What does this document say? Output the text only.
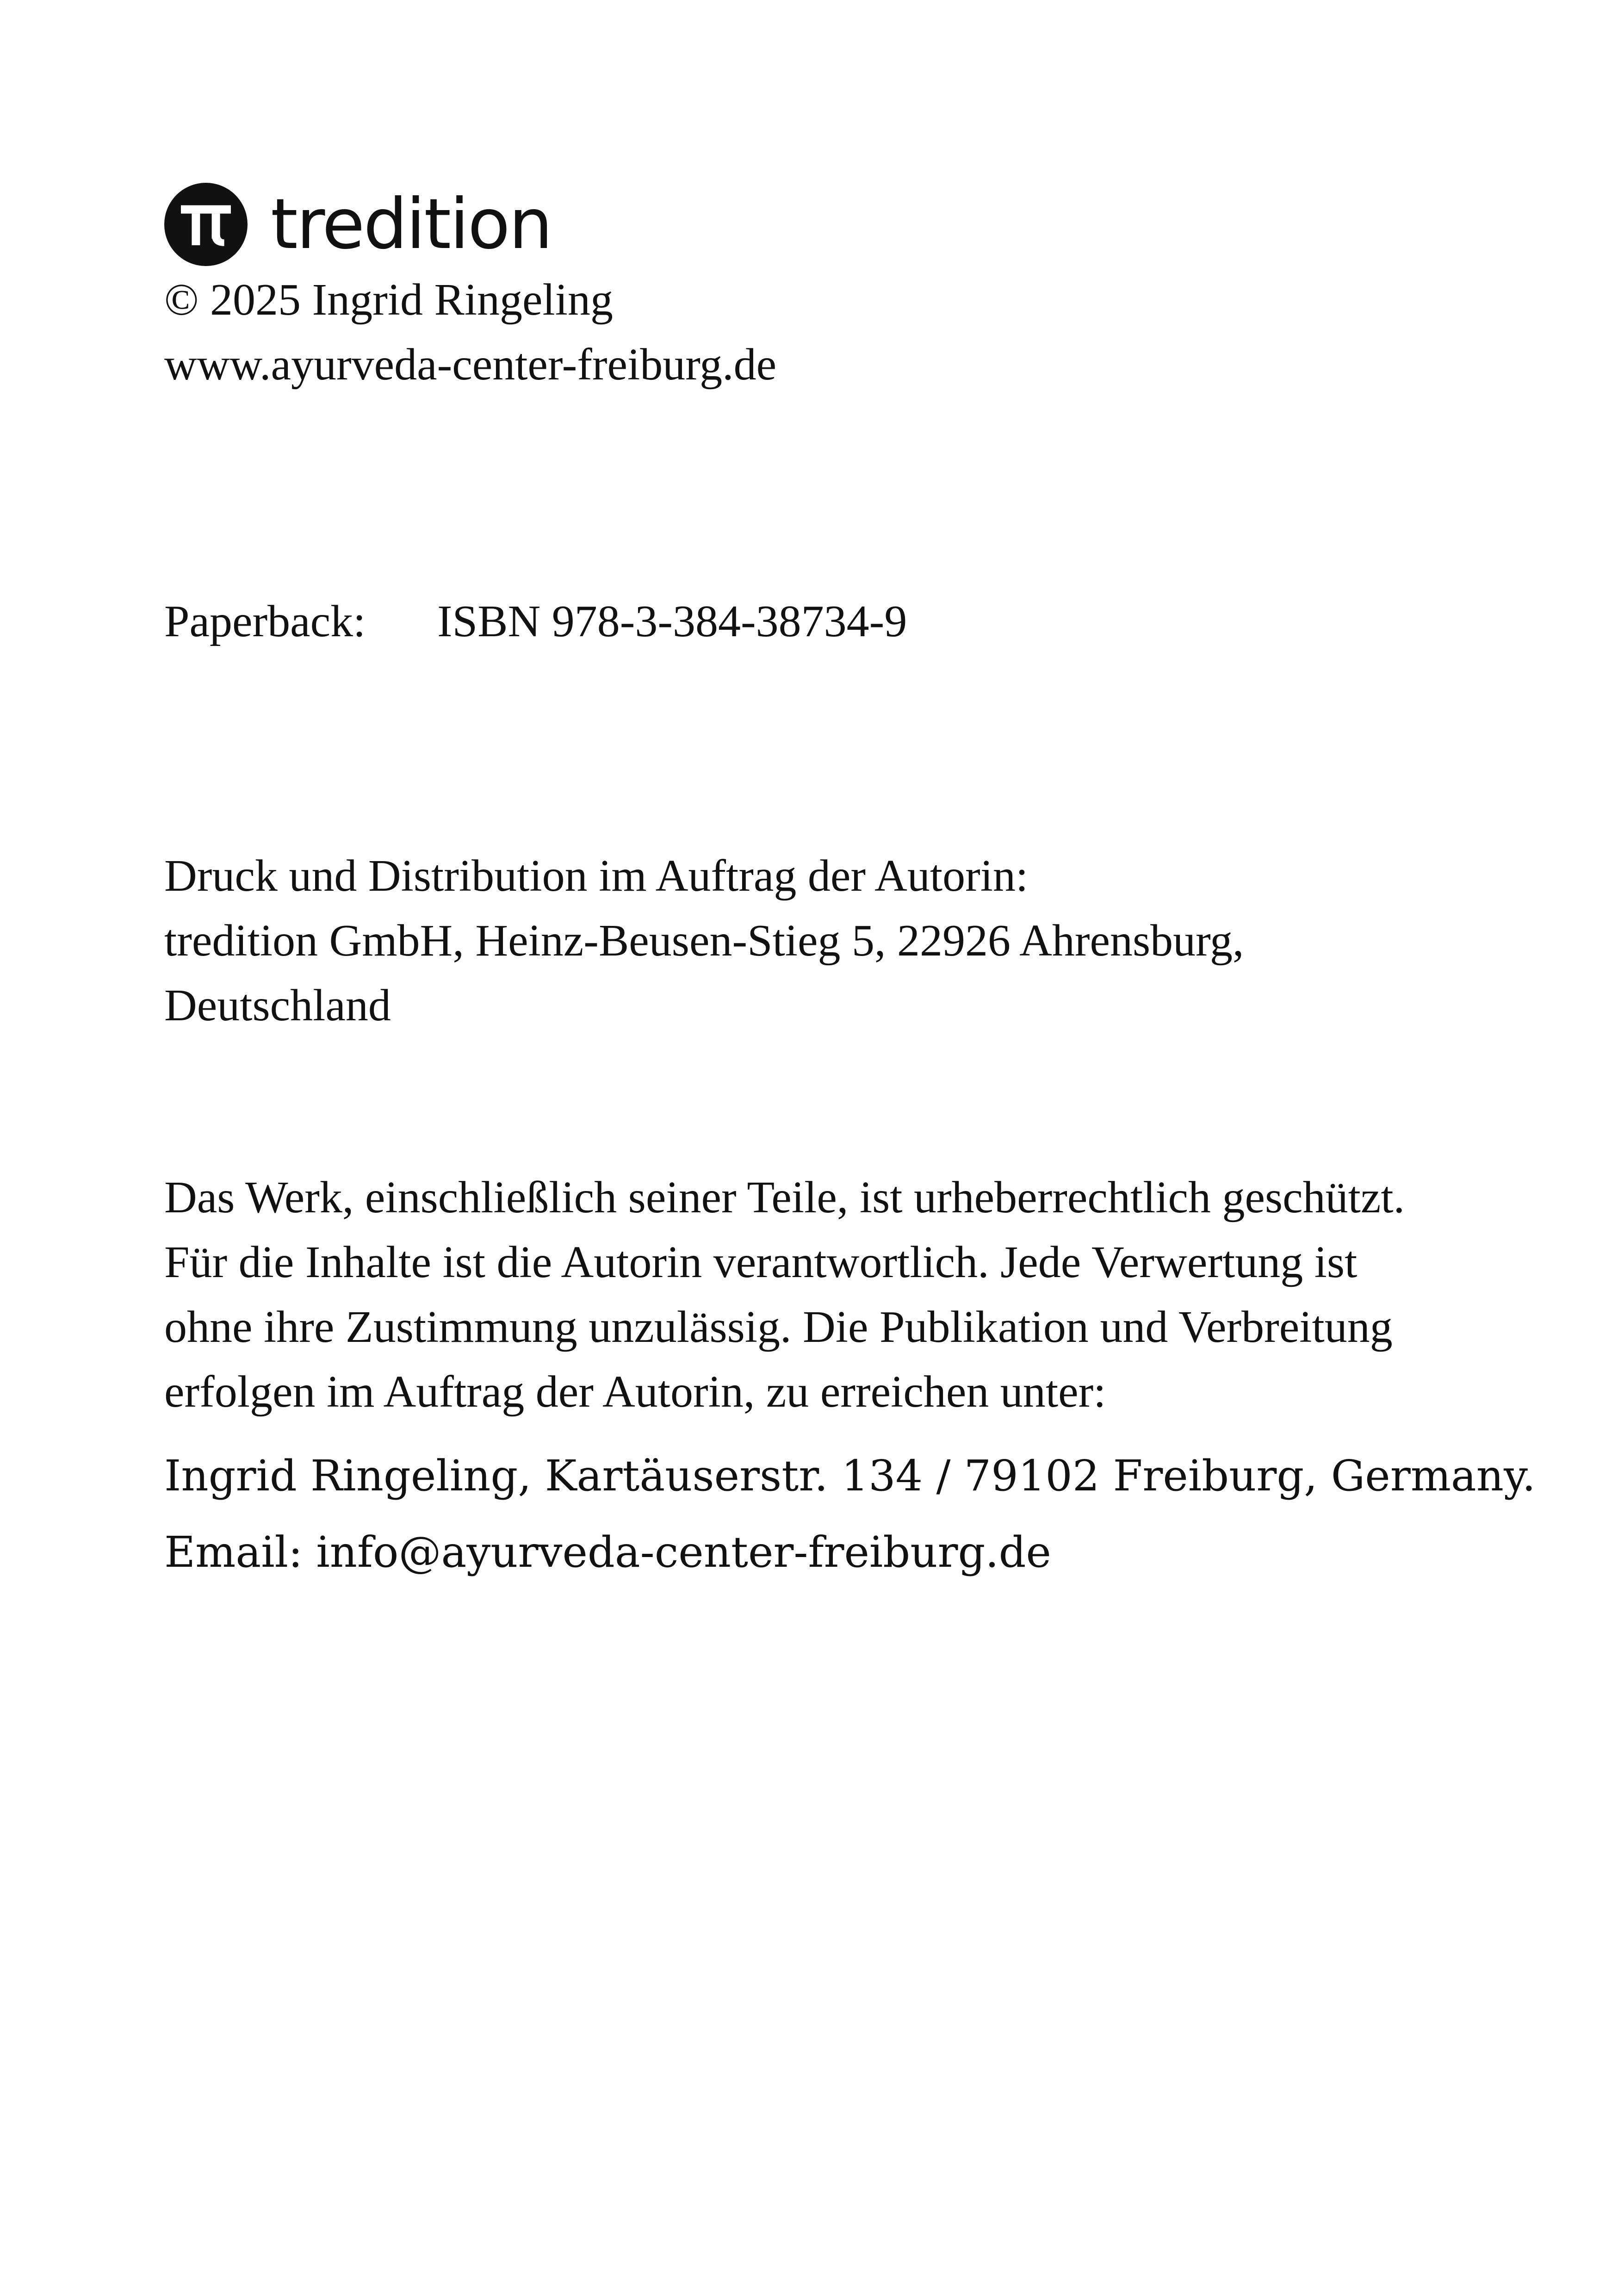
tredition
© 2025 Ingrid Ringeling
www.ayurveda-center-freiburg.de
Paperback: ISBN 978-3-384-38734-9
Druck und Distribution im Auftrag der Autorin:
tredition GmbH, Heinz-Beusen-Stieg 5, 22926 Ahrensburg,
Deutschland
Das Werk, einschließlich seiner Teile, ist urheberrechtlich geschützt.
Für die Inhalte ist die Autorin verantwortlich. Jede Verwertung ist
ohne ihre Zustimmung unzulässig. Die Publikation und Verbreitung
erfolgen im Auftrag der Autorin, zu erreichen unter:
Ingrid Ringeling, Kartäuserstr. 134 / 79102 Freiburg, Germany.
Email: info@ayurveda-center-freiburg.de
